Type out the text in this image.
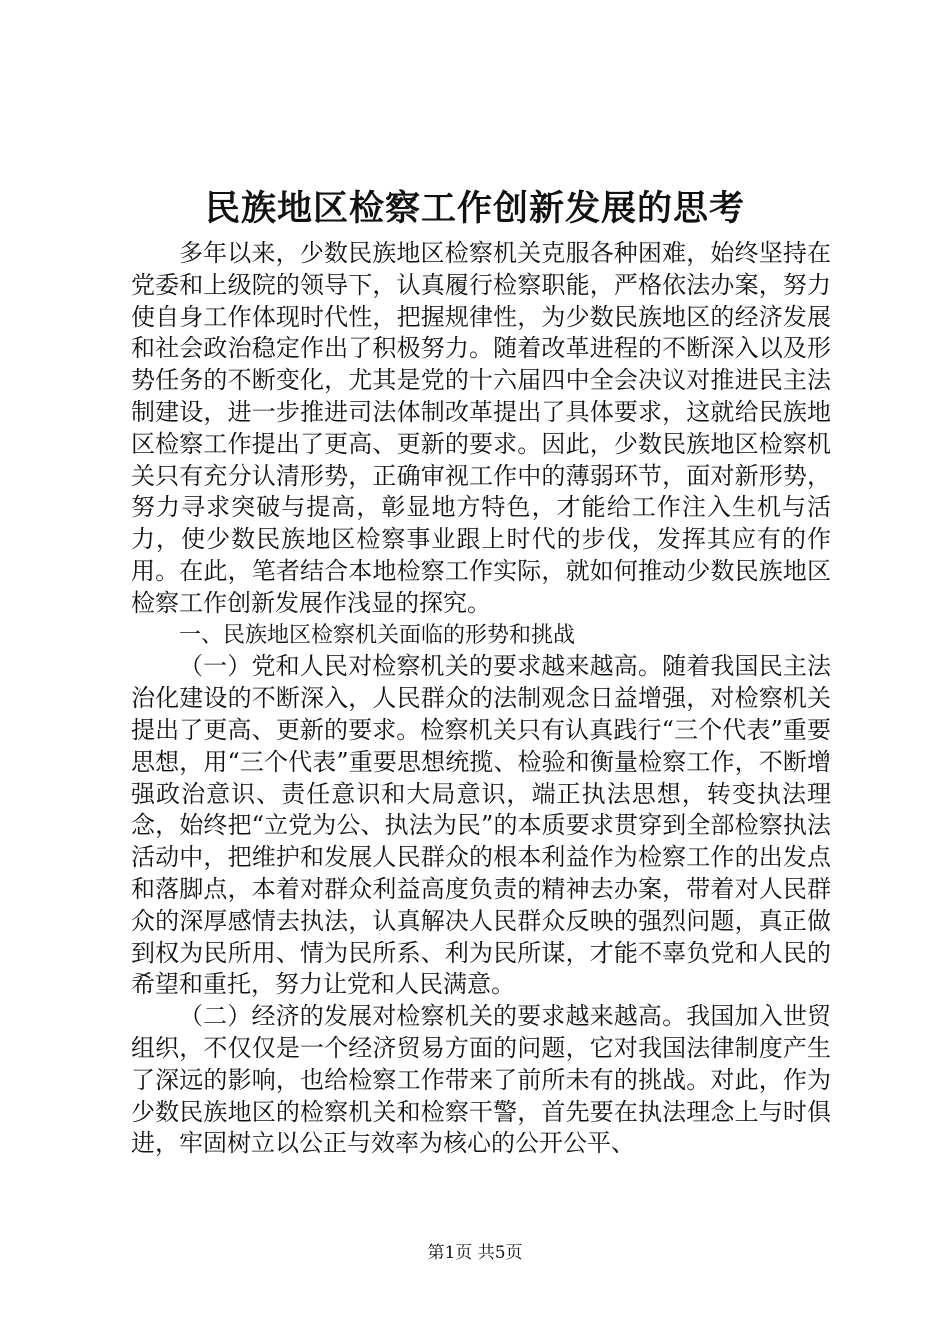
民族地区检察工作创新发展的思考

多年以来，少数民族地区检察机关克服各种困难，始终坚持在党委和上级院的领导下，认真履行检察职能，严格依法办案，努力使自身工作体现时代性，把握规律性，为少数民族地区的经济发展和社会政治稳定作出了积极努力。随着改革进程的不断深入以及形势任务的不断变化，尤其是党的十六届四中全会决议对推进民主法制建设，进一步推进司法体制改革提出了具体要求，这就给民族地区检察工作提出了更高、更新的要求。因此，少数民族地区检察机关只有充分认清形势，正确审视工作中的薄弱环节，面对新形势，努力寻求突破与提高，彰显地方特色，才能给工作注入生机与活力，使少数民族地区检察事业跟上时代的步伐，发挥其应有的作用。在此，笔者结合本地检察工作实际，就如何推动少数民族地区检察工作创新发展作浅显的探究。

一、民族地区检察机关面临的形势和挑战

（一）党和人民对检察机关的要求越来越高。随着我国民主法治化建设的不断深入，人民群众的法制观念日益增强，对检察机关提出了更高、更新的要求。检察机关只有认真践行“三个代表”重要思想，用“三个代表”重要思想统揽、检验和衡量检察工作，不断增强政治意识、责任意识和大局意识，端正执法思想，转变执法理念，始终把“立党为公、执法为民”的本质要求贯穿到全部检察执法活动中，把维护和发展人民群众的根本利益作为检察工作的出发点和落脚点，本着对群众利益高度负责的精神去办案，带着对人民群众的深厚感情去执法，认真解决人民群众反映的强烈问题，真正做到权为民所用、情为民所系、利为民所谋，才能不辜负党和人民的希望和重托，努力让党和人民满意。

（二）经济的发展对检察机关的要求越来越高。我国加入世贸组织，不仅仅是一个经济贸易方面的问题，它对我国法律制度产生了深远的影响，也给检察工作带来了前所未有的挑战。对此，作为少数民族地区的检察机关和检察干警，首先要在执法理念上与时俱进，牢固树立以公正与效率为核心的公开公平、

第1页 共5页
